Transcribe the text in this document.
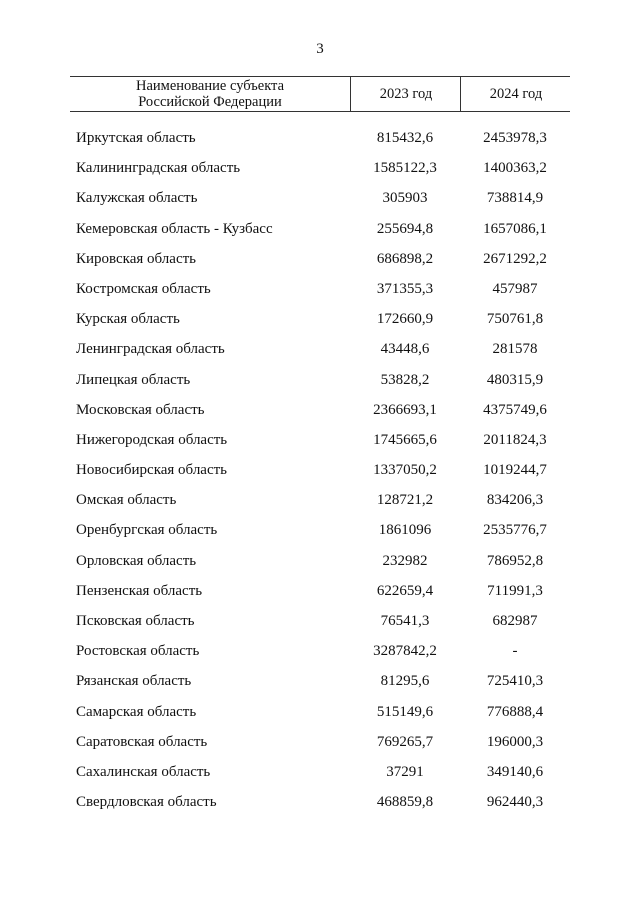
3
Наименование субъекта
Российской Федерации	2023 год	2024 год
Иркутская область	815432,6	2453978,3
Калининградская область	1585122,3	1400363,2
Калужская область	305903	738814,9
Кемеровская область - Кузбасс	255694,8	1657086,1
Кировская область	686898,2	2671292,2
Костромская область	371355,3	457987
Курская область	172660,9	750761,8
Ленинградская область	43448,6	281578
Липецкая область	53828,2	480315,9
Московская область	2366693,1	4375749,6
Нижегородская область	1745665,6	2011824,3
Новосибирская область	1337050,2	1019244,7
Омская область	128721,2	834206,3
Оренбургская область	1861096	2535776,7
Орловская область	232982	786952,8
Пензенская область	622659,4	711991,3
Псковская область	76541,3	682987
Ростовская область	3287842,2	-
Рязанская область	81295,6	725410,3
Самарская область	515149,6	776888,4
Саратовская область	769265,7	196000,3
Сахалинская область	37291	349140,6
Свердловская область	468859,8	962440,3
